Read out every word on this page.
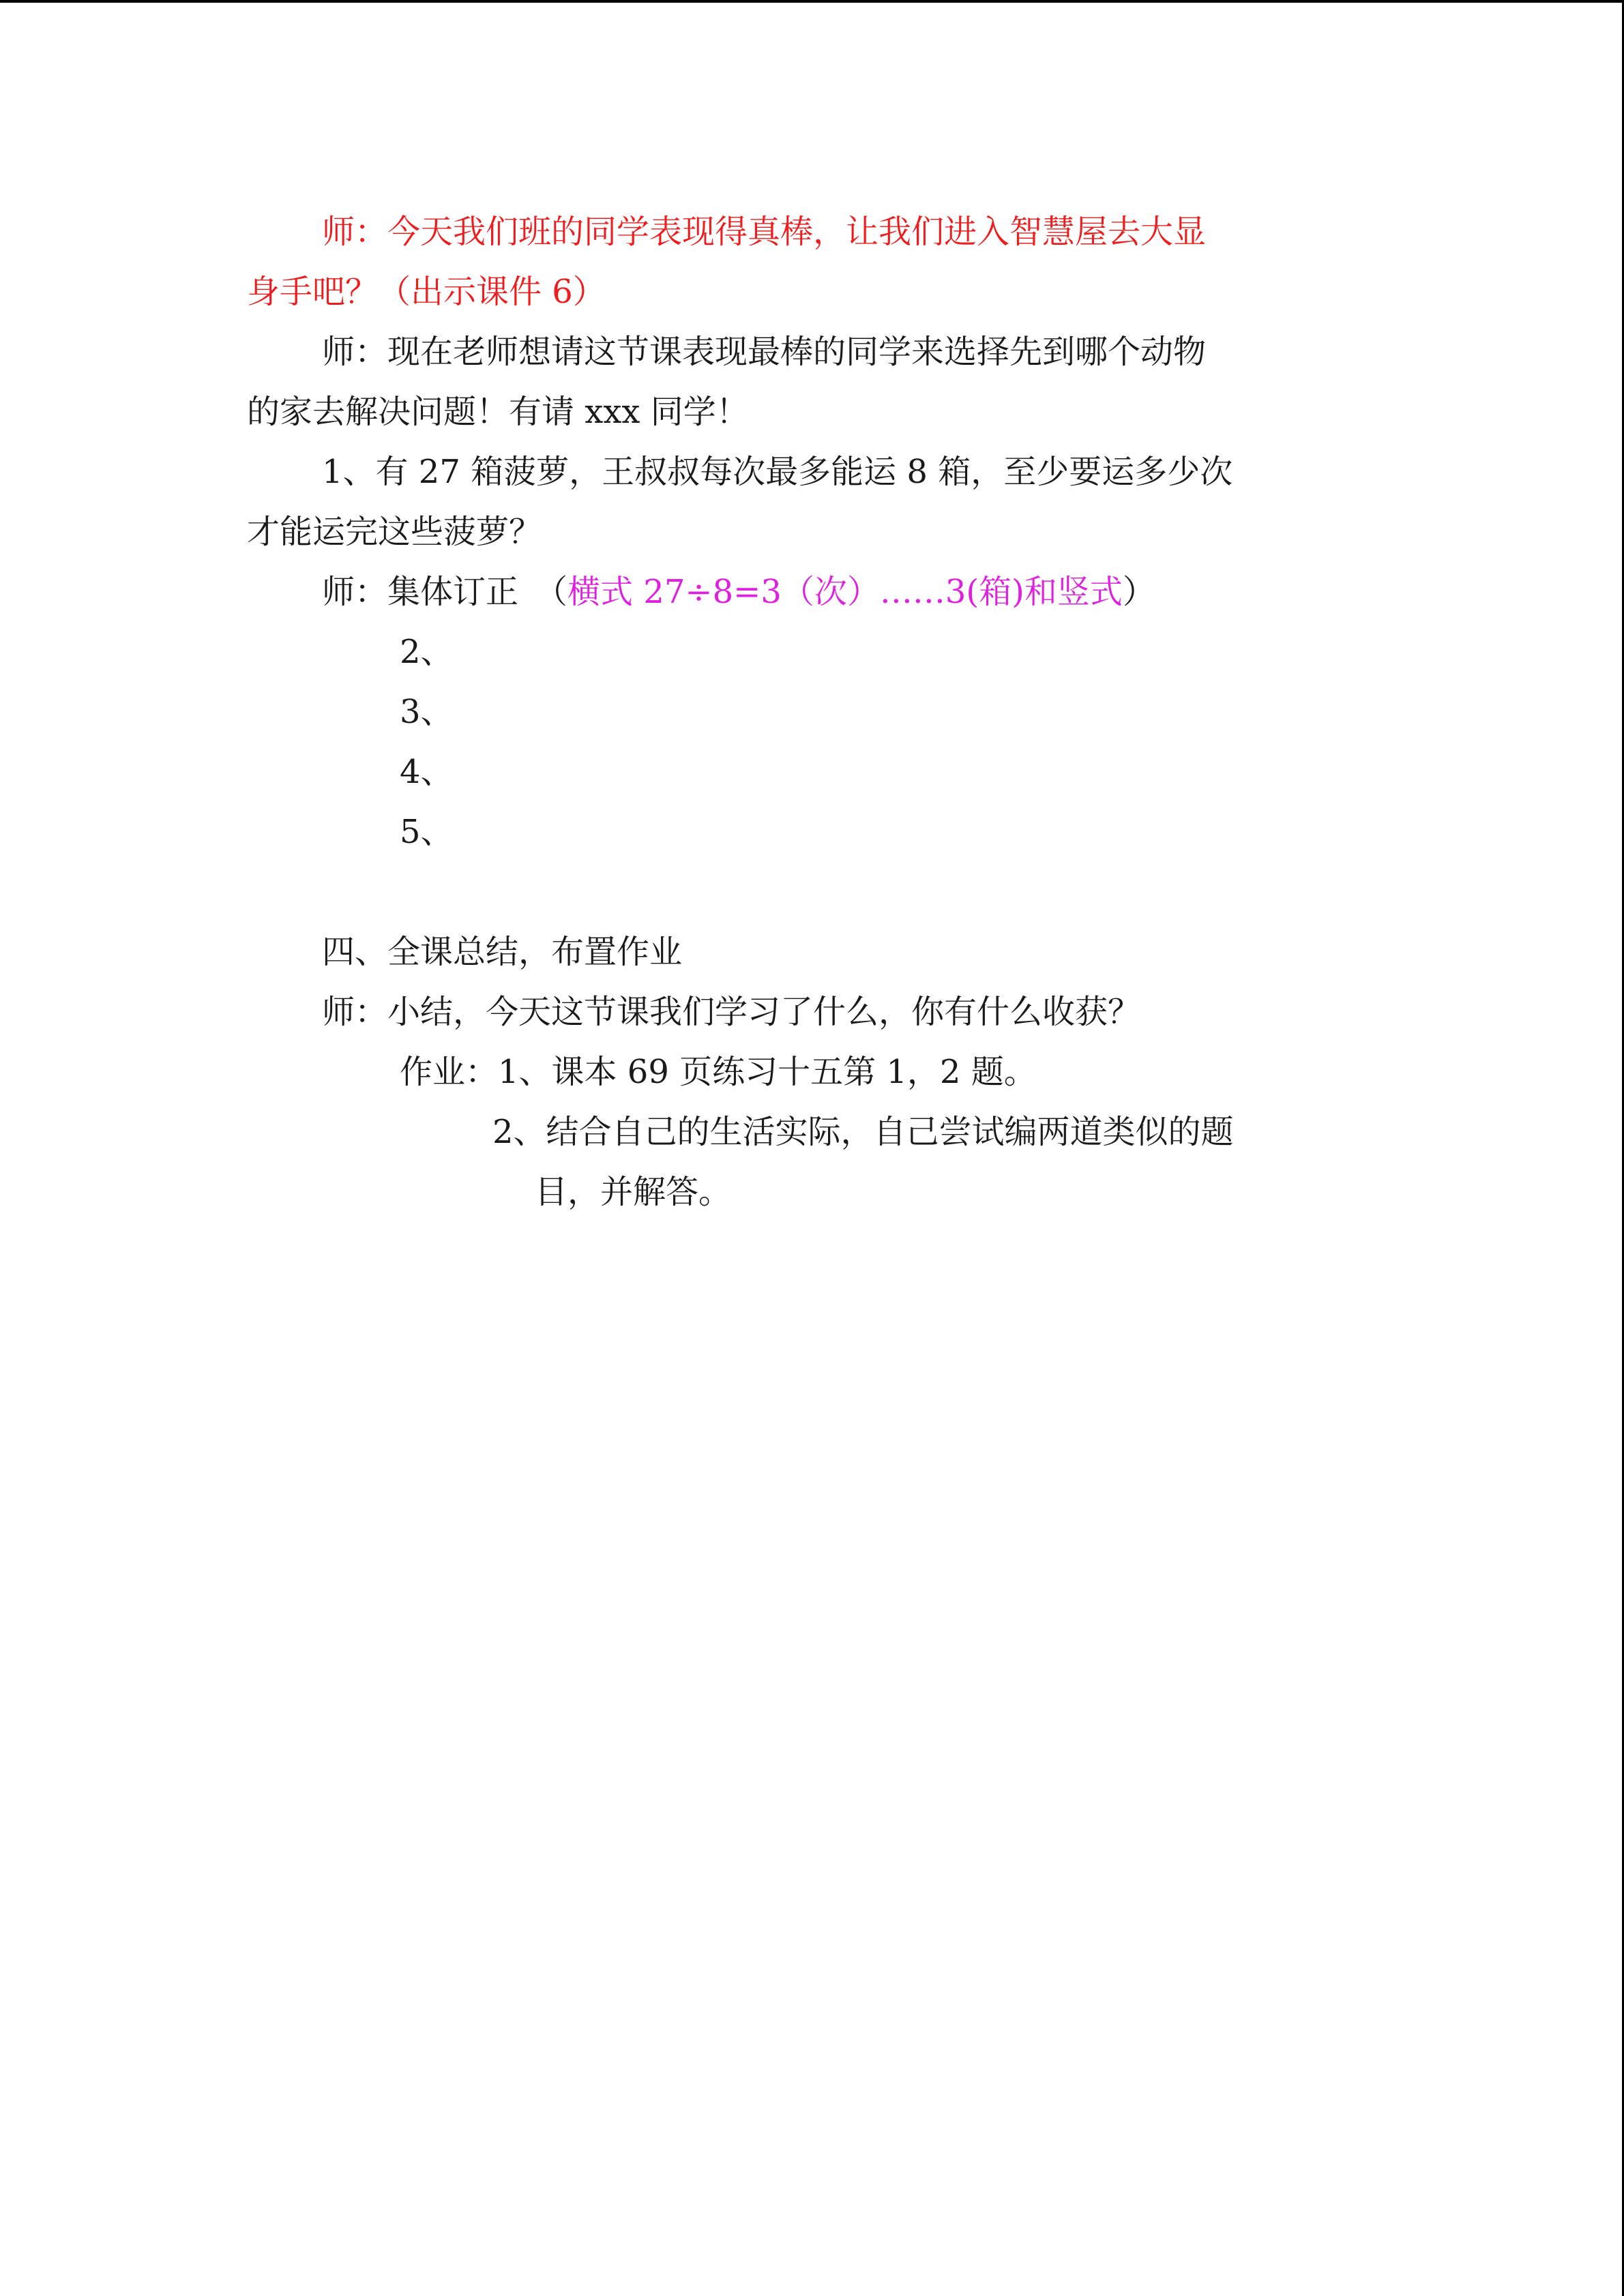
师：今天我们班的同学表现得真棒，让我们进入智慧屋去大显

身手吧？（出示课件 6）

师：现在老师想请这节课表现最棒的同学来选择先到哪个动物

的家去解决问题！有请 xxx 同学！

1、有 27 箱菠萝，王叔叔每次最多能运 8 箱，至少要运多少次

才能运完这些菠萝？

师：集体订正　（横式 27÷8=3（次）……3(箱)和竖式）

2、

3、

4、

5、

四、全课总结，布置作业

师：小结，今天这节课我们学习了什么，你有什么收获？

作业：1、课本 69 页练习十五第 1，2 题。

2、结合自己的生活实际，自己尝试编两道类似的题

目，并解答。
